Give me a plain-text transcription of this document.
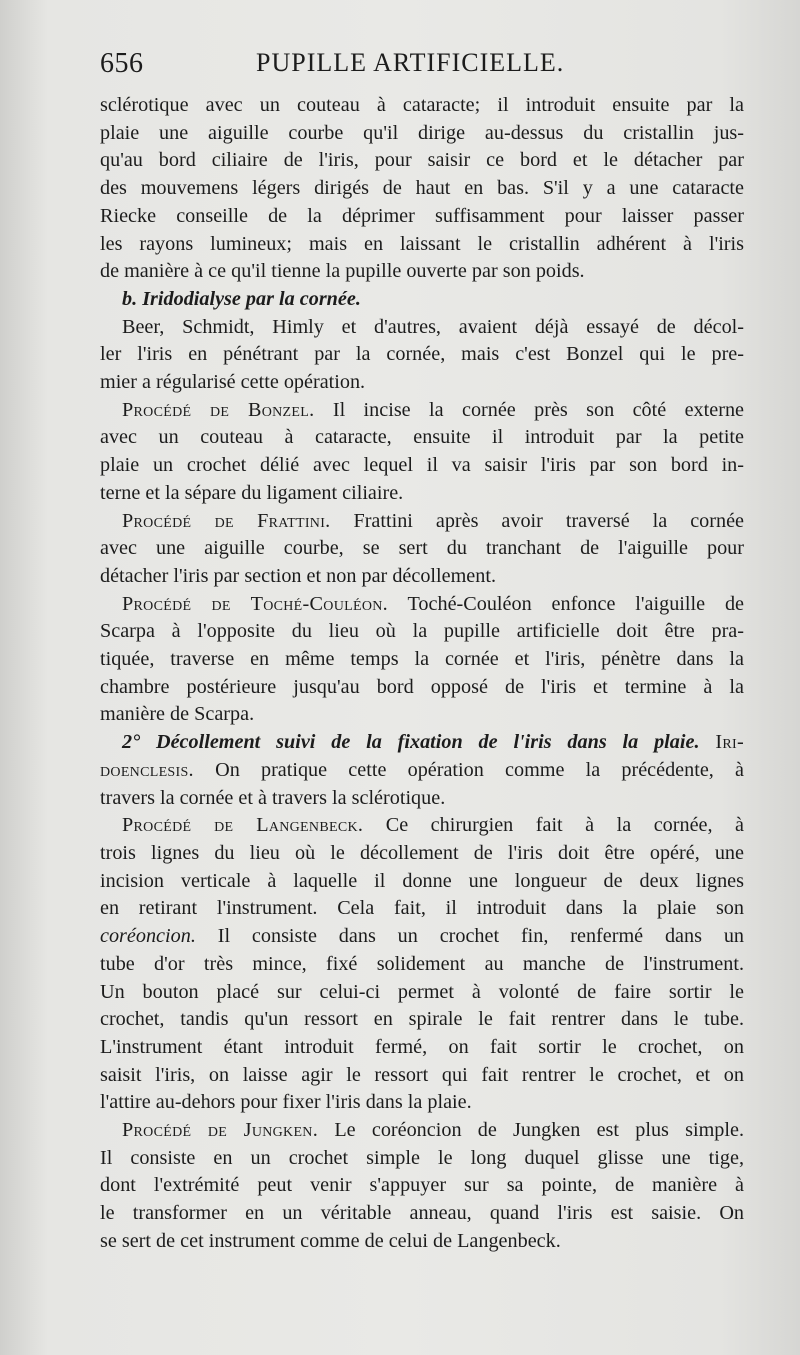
656	PUPILLE ARTIFICIELLE.
sclérotique avec un couteau à cataracte; il introduit ensuite par la
plaie une aiguille courbe qu'il dirige au-dessus du cristallin jus-
qu'au bord ciliaire de l'iris, pour saisir ce bord et le détacher par
des mouvemens légers dirigés de haut en bas. S'il y a une cataracte
Riecke conseille de la déprimer suffisamment pour laisser passer
les rayons lumineux; mais en laissant le cristallin adhérent à l'iris
de manière à ce qu'il tienne la pupille ouverte par son poids.
b. Iridodialyse par la cornée.
Beer, Schmidt, Himly et d'autres, avaient déjà essayé de décol-
ler l'iris en pénétrant par la cornée, mais c'est Bonzel qui le pre-
mier a régularisé cette opération.
Procédé de Bonzel. Il incise la cornée près son côté externe
avec un couteau à cataracte, ensuite il introduit par la petite
plaie un crochet délié avec lequel il va saisir l'iris par son bord in-
terne et la sépare du ligament ciliaire.
Procédé de Frattini. Frattini après avoir traversé la cornée
avec une aiguille courbe, se sert du tranchant de l'aiguille pour
détacher l'iris par section et non par décollement.
Procédé de Toché-Couléon. Toché-Couléon enfonce l'aiguille de
Scarpa à l'opposite du lieu où la pupille artificielle doit être pra-
tiquée, traverse en même temps la cornée et l'iris, pénètre dans la
chambre postérieure jusqu'au bord opposé de l'iris et termine à la
manière de Scarpa.
2° Décollement suivi de la fixation de l'iris dans la plaie. Iri-
doenclesis. On pratique cette opération comme la précédente, à
travers la cornée et à travers la sclérotique.
Procédé de Langenbeck. Ce chirurgien fait à la cornée, à
trois lignes du lieu où le décollement de l'iris doit être opéré, une
incision verticale à laquelle il donne une longueur de deux lignes
en retirant l'instrument. Cela fait, il introduit dans la plaie son
coréoncion. Il consiste dans un crochet fin, renfermé dans un
tube d'or très mince, fixé solidement au manche de l'instrument.
Un bouton placé sur celui-ci permet à volonté de faire sortir le
crochet, tandis qu'un ressort en spirale le fait rentrer dans le tube.
L'instrument étant introduit fermé, on fait sortir le crochet, on
saisit l'iris, on laisse agir le ressort qui fait rentrer le crochet, et on
l'attire au-dehors pour fixer l'iris dans la plaie.
Procédé de Jungken. Le coréoncion de Jungken est plus simple.
Il consiste en un crochet simple le long duquel glisse une tige,
dont l'extrémité peut venir s'appuyer sur sa pointe, de manière à
le transformer en un véritable anneau, quand l'iris est saisie. On
se sert de cet instrument comme de celui de Langenbeck.
